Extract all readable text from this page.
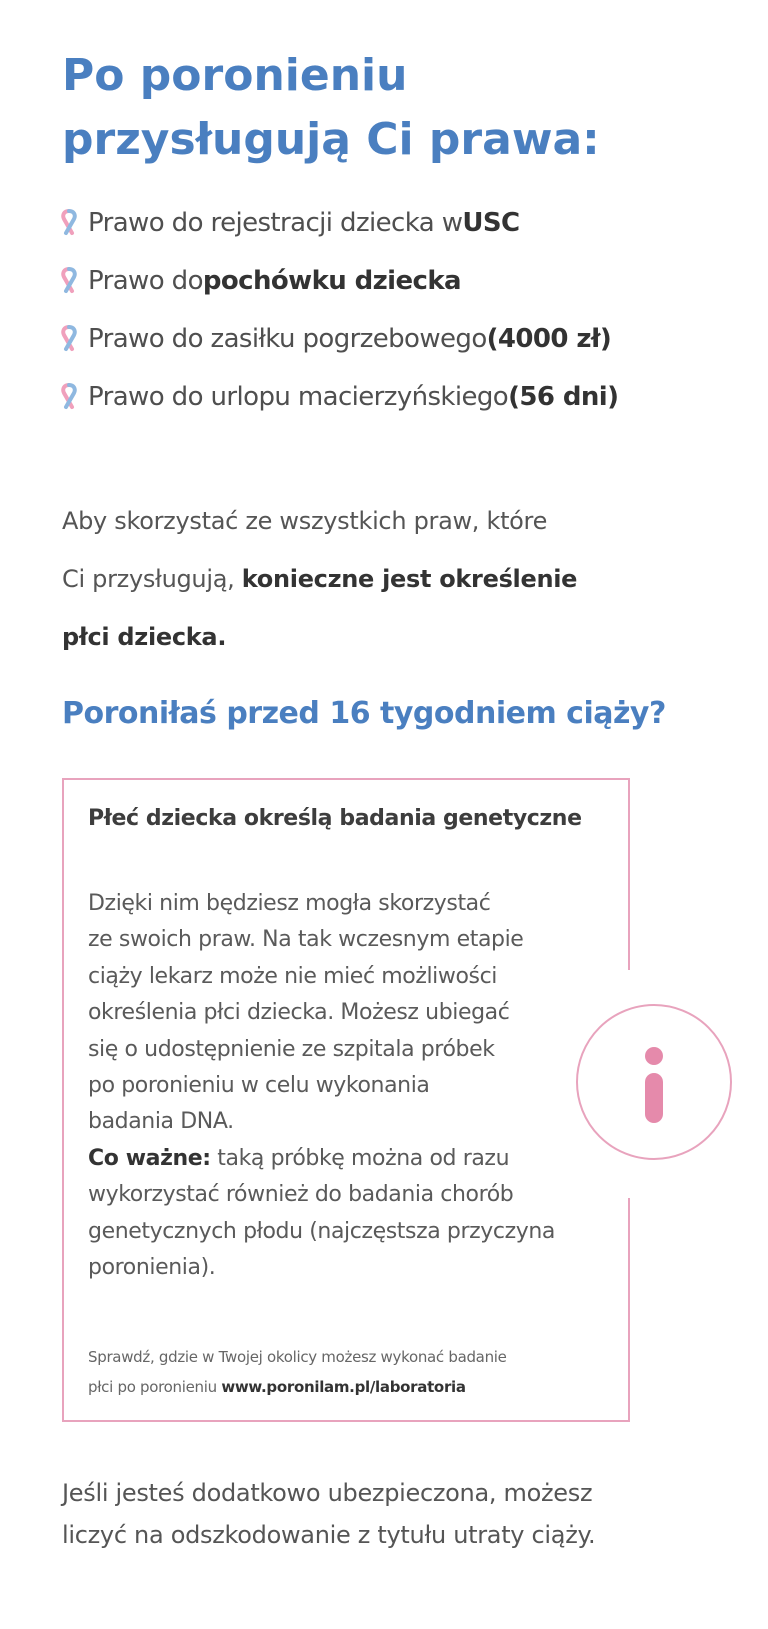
Po poronieniu
przysługują Ci prawa:
Prawo do rejestracji dziecka w USC
Prawo do pochówku dziecka
Prawo do zasiłku pogrzebowego (4000 zł)
Prawo do urlopu macierzyńskiego (56 dni)

Aby skorzystać ze wszystkich praw, które
Ci przysługują, konieczne jest określenie
płci dziecka.

Poroniłaś przed 16 tygodniem ciąży?
Płeć dziecka określą badania genetyczne

Dzięki nim będziesz mogła skorzystać
ze swoich praw. Na tak wczesnym etapie
ciąży lekarz może nie mieć możliwości
określenia płci dziecka. Możesz ubiegać
się o udostępnienie ze szpitala próbek
po poronieniu w celu wykonania
badania DNA.
Co ważne: taką próbkę można od razu
wykorzystać również do badania chorób
genetycznych płodu (najczęstsza przyczyna
poronienia).

Sprawdź, gdzie w Twojej okolicy możesz wykonać badanie
płci po poronieniu www.poronilam.pl/laboratoria

Jeśli jesteś dodatkowo ubezpieczona, możesz
liczyć na odszkodowanie z tytułu utraty ciąży.
